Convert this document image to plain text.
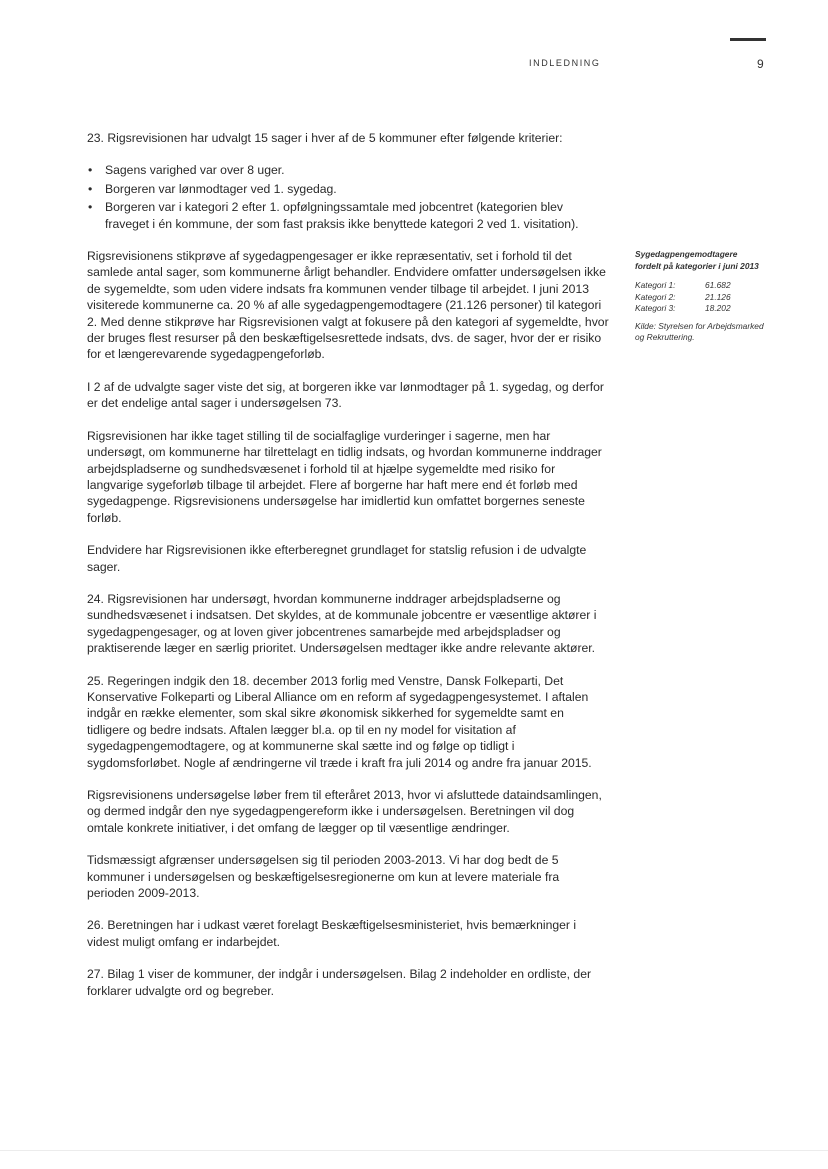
INDLEDNING	9

23. Rigsrevisionen har udvalgt 15 sager i hver af de 5 kommuner efter følgende kriterier:

• Sagens varighed var over 8 uger.
• Borgeren var lønmodtager ved 1. sygedag.
• Borgeren var i kategori 2 efter 1. opfølgningssamtale med jobcentret (kategorien blev fraveget i én kommune, der som fast praksis ikke benyttede kategori 2 ved 1. visitation).

Rigsrevisionens stikprøve af sygedagpengesager er ikke repræsentativ, set i forhold til det samlede antal sager, som kommunerne årligt behandler. Endvidere omfatter undersøgelsen ikke de sygemeldte, som uden videre indsats fra kommunen vender tilbage til arbejdet. I juni 2013 visiterede kommunerne ca. 20 % af alle sygedagpengemodtagere (21.126 personer) til kategori 2. Med denne stikprøve har Rigsrevisionen valgt at fokusere på den kategori af sygemeldte, hvor der bruges flest resurser på den beskæftigelsesrettede indsats, dvs. de sager, hvor der er risiko for et længerevarende sygedagpengeforløb.

I 2 af de udvalgte sager viste det sig, at borgeren ikke var lønmodtager på 1. sygedag, og derfor er det endelige antal sager i undersøgelsen 73.

Rigsrevisionen har ikke taget stilling til de socialfaglige vurderinger i sagerne, men har undersøgt, om kommunerne har tilrettelagt en tidlig indsats, og hvordan kommunerne inddrager arbejdspladserne og sundhedsvæsenet i forhold til at hjælpe sygemeldte med risiko for langvarige sygeforløb tilbage til arbejdet. Flere af borgerne har haft mere end ét forløb med sygedagpenge. Rigsrevisionens undersøgelse har imidlertid kun omfattet borgernes seneste forløb.

Endvidere har Rigsrevisionen ikke efterberegnet grundlaget for statslig refusion i de udvalgte sager.

24. Rigsrevisionen har undersøgt, hvordan kommunerne inddrager arbejdspladserne og sundhedsvæsenet i indsatsen. Det skyldes, at de kommunale jobcentre er væsentlige aktører i sygedagpengesager, og at loven giver jobcentrenes samarbejde med arbejdspladser og praktiserende læger en særlig prioritet. Undersøgelsen medtager ikke andre relevante aktører.

25. Regeringen indgik den 18. december 2013 forlig med Venstre, Dansk Folkeparti, Det Konservative Folkeparti og Liberal Alliance om en reform af sygedagpengesystemet. I aftalen indgår en række elementer, som skal sikre økonomisk sikkerhed for sygemeldte samt en tidligere og bedre indsats. Aftalen lægger bl.a. op til en ny model for visitation af sygedagpengemodtagere, og at kommunerne skal sætte ind og følge op tidligt i sygdomsforløbet. Nogle af ændringerne vil træde i kraft fra juli 2014 og andre fra januar 2015.

Rigsrevisionens undersøgelse løber frem til efteråret 2013, hvor vi afsluttede dataindsamlingen, og dermed indgår den nye sygedagpengereform ikke i undersøgelsen. Beretningen vil dog omtale konkrete initiativer, i det omfang de lægger op til væsentlige ændringer.

Tidsmæssigt afgrænser undersøgelsen sig til perioden 2003-2013. Vi har dog bedt de 5 kommuner i undersøgelsen og beskæftigelsesregionerne om kun at levere materiale fra perioden 2009-2013.

26. Beretningen har i udkast været forelagt Beskæftigelsesministeriet, hvis bemærkninger i videst muligt omfang er indarbejdet.

27. Bilag 1 viser de kommuner, der indgår i undersøgelsen. Bilag 2 indeholder en ordliste, der forklarer udvalgte ord og begreber.

Sygedagpengemodtagere fordelt på kategorier i juni 2013
Kategori 1:	61.682
Kategori 2:	21.126
Kategori 3:	18.202
Kilde: Styrelsen for Arbejdsmarked og Rekruttering.
